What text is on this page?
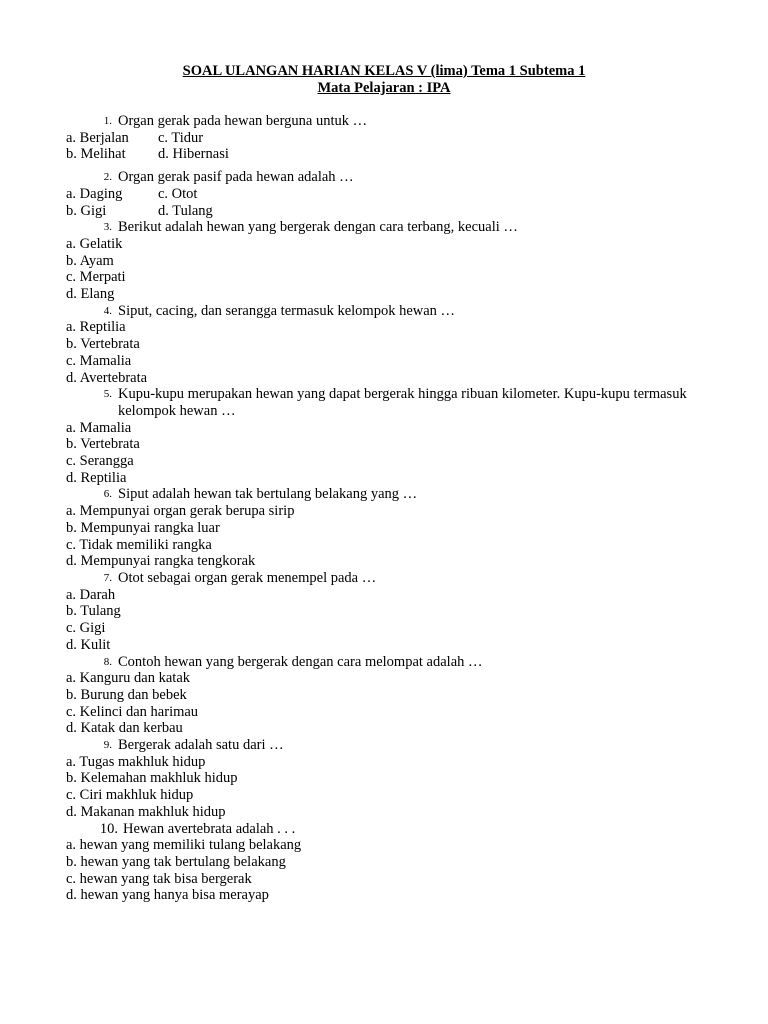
SOAL ULANGAN HARIAN KELAS V (lima) Tema 1 Subtema 1
Mata Pelajaran : IPA
1. Organ gerak pada hewan berguna untuk …
a. Berjalan	c. Tidur
b. Melihat	d. Hibernasi
2. Organ gerak pasif pada hewan adalah …
a. Daging	c. Otot
b. Gigi	d. Tulang
3. Berikut adalah hewan yang bergerak dengan cara terbang, kecuali …
a. Gelatik
b. Ayam
c. Merpati
d. Elang
4. Siput, cacing, dan serangga termasuk kelompok hewan …
a. Reptilia
b. Vertebrata
c. Mamalia
d. Avertebrata
5. Kupu-kupu merupakan hewan yang dapat bergerak hingga ribuan kilometer. Kupu-kupu termasuk kelompok hewan …
a. Mamalia
b. Vertebrata
c. Serangga
d. Reptilia
6. Siput adalah hewan tak bertulang belakang yang …
a. Mempunyai organ gerak berupa sirip
b. Mempunyai rangka luar
c. Tidak memiliki rangka
d. Mempunyai rangka tengkorak
7. Otot sebagai organ gerak menempel pada …
a. Darah
b. Tulang
c. Gigi
d. Kulit
8. Contoh hewan yang bergerak dengan cara melompat adalah …
a. Kanguru dan katak
b. Burung dan bebek
c. Kelinci dan harimau
d. Katak dan kerbau
9. Bergerak adalah satu dari …
a. Tugas makhluk hidup
b. Kelemahan makhluk hidup
c. Ciri makhluk hidup
d. Makanan makhluk hidup
10. Hewan avertebrata adalah . . .
a. hewan yang memiliki tulang belakang
b. hewan yang tak bertulang belakang
c. hewan yang tak bisa bergerak
d. hewan yang hanya bisa merayap
